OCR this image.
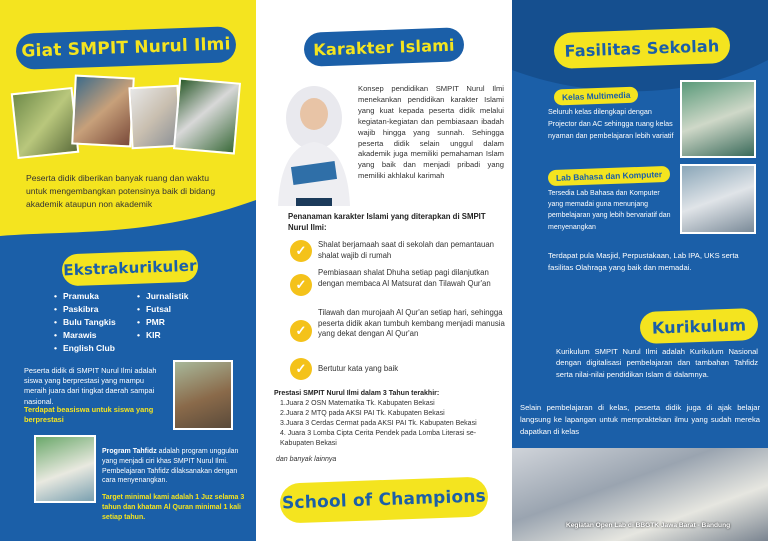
Giat SMPIT Nurul Ilmi
Peserta didik diberikan banyak ruang dan waktu untuk mengembangkan potensinya baik di bidang akademik ataupun non akademik
Ekstrakurikuler
• Pramuka
• Paskibra
• Bulu Tangkis
• Marawis
• English Club
• Jurnalistik
• Futsal
• PMR
• KIR
Peserta didik di SMPIT Nurul Ilmi adalah siswa yang berprestasi yang mampu meraih juara dari tingkat daerah sampai nasional.
Terdapat beasiswa untuk siswa yang berprestasi
Program Tahfidz adalah program unggulan yang menjadi ciri khas SMPIT Nurul Ilmi. Pembelajaran Tahfidz dilaksanakan dengan cara menyenangkan.
Target minimal kami adalah 1 Juz selama 3 tahun dan khatam Al Quran minimal 1 kali setiap tahun.
Karakter Islami
Konsep pendidikan SMPIT Nurul Ilmi menekankan pendidikan karakter Islami yang kuat kepada peserta didik melalui kegiatan-kegiatan dan pembiasaan ibadah wajib hingga yang sunnah. Sehingga peserta didik selain unggul dalam akademik juga memiliki pemahaman Islam yang baik dan menjadi pribadi yang memiliki akhlakul karimah
Penanaman karakter Islami yang diterapkan di SMPIT Nurul Ilmi:
✓	Shalat berjamaah saat di sekolah dan pemantauan shalat wajib di rumah
✓
Pembiasaan shalat Dhuha setiap pagi dilanjutkan dengan membaca Al Matsurat dan Tilawah Qur'an
✓
Tilawah dan murojaah Al Qur'an setiap hari, sehingga peserta didik akan tumbuh kembang menjadi manusia yang dekat dengan Al Qur'an
✓	Bertutur kata yang baik
Prestasi SMPIT Nurul Ilmi dalam 3 Tahun terakhir:
1.Juara 2 OSN Matematika Tk. Kabupaten Bekasi
2.Juara 2 MTQ pada AKSI PAI Tk. Kabupaten Bekasi
3.Juara 3 Cerdas Cermat pada AKSI PAI Tk. Kabupaten Bekasi
4. Juara 3 Lomba Cipta Cerita Pendek pada Lomba Literasi se-Kabupaten Bekasi
dan banyak lainnya
School of Champions
Fasilitas Sekolah
Kelas Multimedia
Seluruh kelas dilengkapi dengan Projector dan AC sehingga ruang kelas nyaman dan pembelajaran lebih variatif
Lab Bahasa dan Komputer
Tersedia Lab Bahasa dan Komputer yang memadai guna menunjang pembelajaran yang lebih bervariatif dan menyenangkan
Terdapat pula Masjid, Perpustakaan, Lab IPA, UKS serta fasilitas Olahraga yang baik dan memadai.
Kurikulum
Kurikulum SMPIT Nurul Ilmi adalah Kurikulum Nasional dengan digitalisasi pembelajaran dan tambahan Tahfidz serta nilai-nilai pendidikan Islam di dalamnya.
Selain pembelajaran di kelas, peserta didik juga di ajak belajar langsung ke lapangan untuk mempraktekan ilmu yang sudah mereka dapatkan di kelas
Kegiatan Open Lab di BBGTK Jawa Barat - Bandung
